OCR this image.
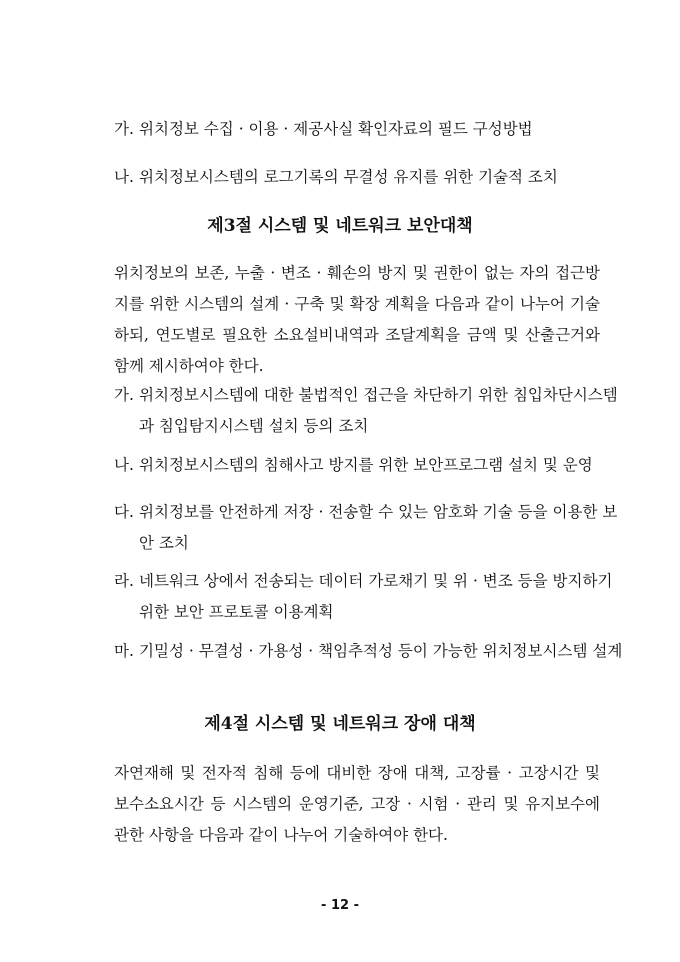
가. 위치정보 수집 · 이용 · 제공사실 확인자료의 필드 구성방법

나. 위치정보시스템의 로그기록의 무결성 유지를 위한 기술적 조치

제3절 시스템 및 네트워크 보안대책

위치정보의 보존, 누출 · 변조 · 훼손의 방지 및 권한이 없는 자의 접근방지를 위한 시스템의 설계 · 구축 및 확장 계획을 다음과 같이 나누어 기술하되, 연도별로 필요한 소요설비내역과 조달계획을 금액 및 산출근거와 함께 제시하여야 한다.

가. 위치정보시스템에 대한 불법적인 접근을 차단하기 위한 침입차단시스템과 침입탐지시스템 설치 등의 조치

나. 위치정보시스템의 침해사고 방지를 위한 보안프로그램 설치 및 운영

다. 위치정보를 안전하게 저장 · 전송할 수 있는 암호화 기술 등을 이용한 보안 조치

라. 네트워크 상에서 전송되는 데이터 가로채기 및 위 · 변조 등을 방지하기 위한 보안 프로토콜 이용계획

마. 기밀성 · 무결성 · 가용성 · 책임추적성 등이 가능한 위치정보시스템 설계

제4절 시스템 및 네트워크 장애 대책

자연재해 및 전자적 침해 등에 대비한 장애 대책, 고장률 · 고장시간 및 보수소요시간 등 시스템의 운영기준, 고장 · 시험 · 관리 및 유지보수에 관한 사항을 다음과 같이 나누어 기술하여야 한다.

- 12 -
